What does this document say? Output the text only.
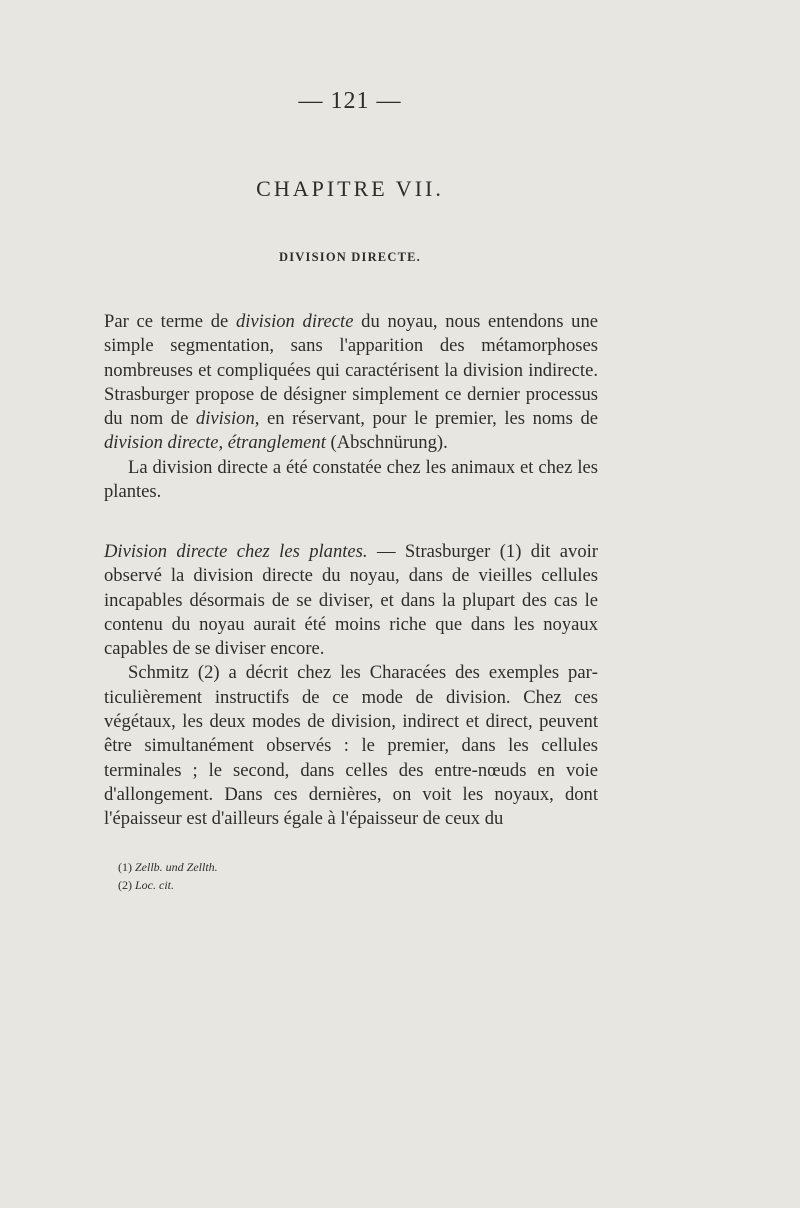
— 121 —
CHAPITRE VII.
DIVISION DIRECTE.

Par ce terme de division directe du noyau, nous entendons une simple segmentation, sans l'apparition des métamorphoses nombreuses et compliquées qui caractérisent la division indirecte. Strasburger propose de désigner simplement ce dernier processus du nom de division, en réservant, pour le premier, les noms de division directe, étranglement (Abschnürung).

La division directe a été constatée chez les animaux et chez les plantes.

Division directe chez les plantes. — Strasburger (1) dit avoir observé la division directe du noyau, dans de vieilles cellules incapables désormais de se diviser, et dans la plupart des cas le contenu du noyau aurait été moins riche que dans les noyaux capables de se diviser encore.

Schmitz (2) a décrit chez les Characées des exemples particulièrement instructifs de ce mode de division. Chez ces végétaux, les deux modes de division, indirect et direct, peuvent être simultanément observés : le premier, dans les cellules terminales ; le second, dans celles des entre-nœuds en voie d'allongement. Dans ces dernières, on voit les noyaux, dont l'épaisseur est d'ailleurs égale à l'épaisseur de ceux du

(1) Zellb. und Zellth.
(2) Loc. cit.
